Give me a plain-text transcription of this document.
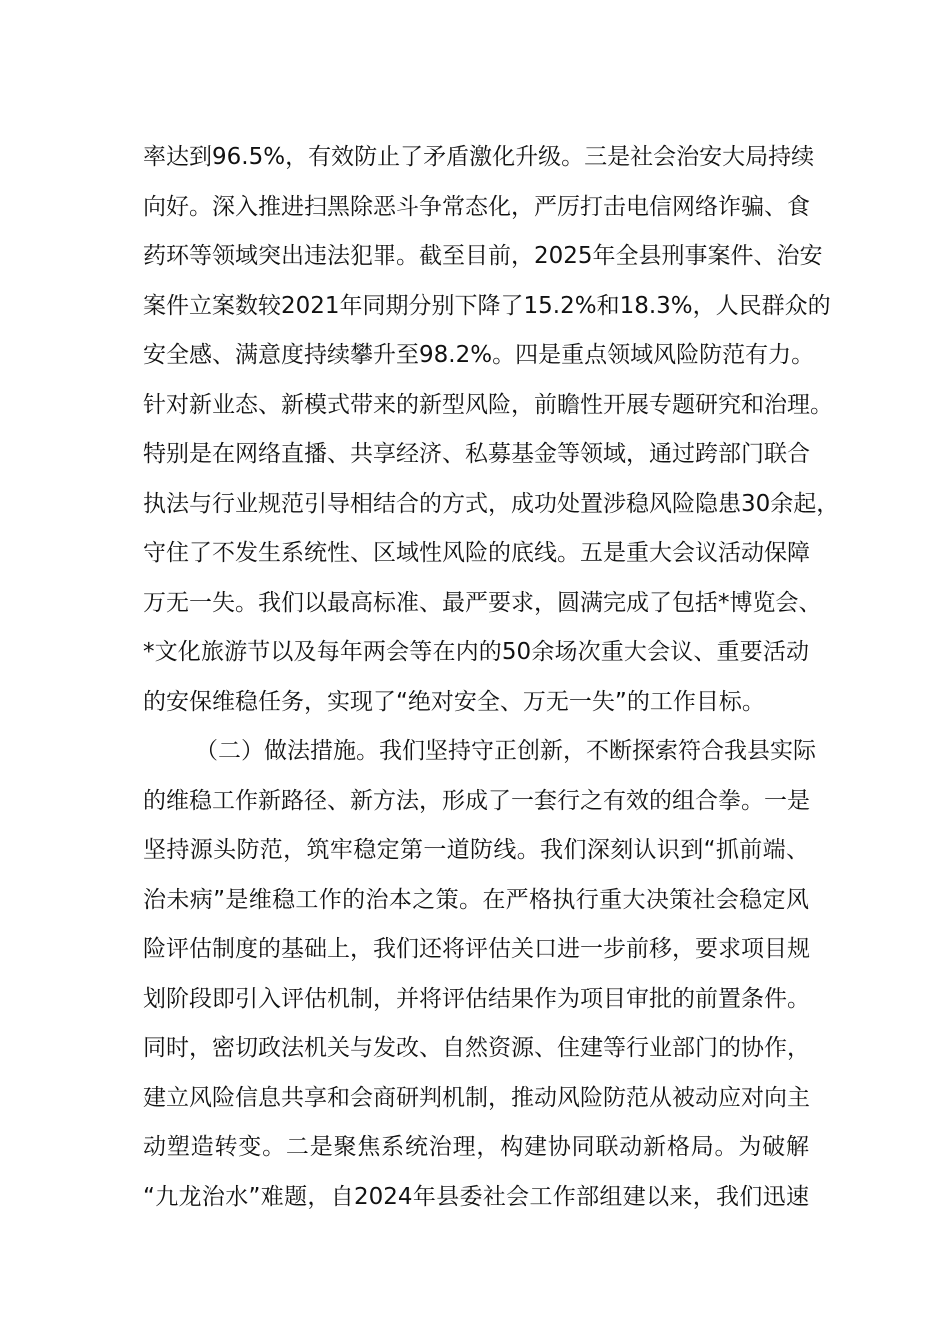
率达到96.5%，有效防止了矛盾激化升级。三是社会治安大局持续
向好。深入推进扫黑除恶斗争常态化，严厉打击电信网络诈骗、食
药环等领域突出违法犯罪。截至目前，2025年全县刑事案件、治安
案件立案数较2021年同期分别下降了15.2%和18.3%，人民群众的
安全感、满意度持续攀升至98.2%。四是重点领域风险防范有力。
针对新业态、新模式带来的新型风险，前瞻性开展专题研究和治理。
特别是在网络直播、共享经济、私募基金等领域，通过跨部门联合
执法与行业规范引导相结合的方式，成功处置涉稳风险隐患30余起，
守住了不发生系统性、区域性风险的底线。五是重大会议活动保障
万无一失。我们以最高标准、最严要求，圆满完成了包括*博览会、
*文化旅游节以及每年两会等在内的50余场次重大会议、重要活动
的安保维稳任务，实现了“绝对安全、万无一失”的工作目标。
（二）做法措施。我们坚持守正创新，不断探索符合我县实际
的维稳工作新路径、新方法，形成了一套行之有效的组合拳。一是
坚持源头防范，筑牢稳定第一道防线。我们深刻认识到“抓前端、
治未病”是维稳工作的治本之策。在严格执行重大决策社会稳定风
险评估制度的基础上，我们还将评估关口进一步前移，要求项目规
划阶段即引入评估机制，并将评估结果作为项目审批的前置条件。
同时，密切政法机关与发改、自然资源、住建等行业部门的协作，
建立风险信息共享和会商研判机制，推动风险防范从被动应对向主
动塑造转变。二是聚焦系统治理，构建协同联动新格局。为破解
“九龙治水”难题，自2024年县委社会工作部组建以来，我们迅速
